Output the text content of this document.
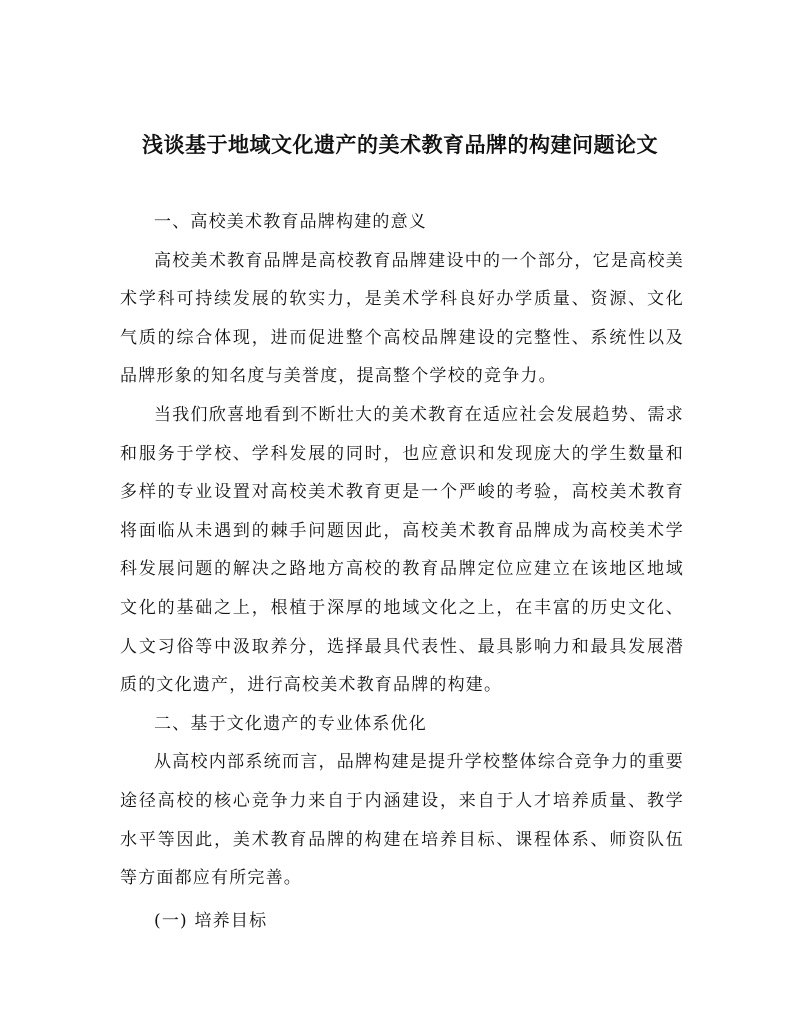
浅谈基于地域文化遗产的美术教育品牌的构建问题论文

一、高校美术教育品牌构建的意义

高校美术教育品牌是高校教育品牌建设中的一个部分，它是高校美术学科可持续发展的软实力，是美术学科良好办学质量、资源、文化气质的综合体现，进而促进整个高校品牌建设的完整性、系统性以及品牌形象的知名度与美誉度，提高整个学校的竞争力。

当我们欣喜地看到不断壮大的美术教育在适应社会发展趋势、需求和服务于学校、学科发展的同时，也应意识和发现庞大的学生数量和多样的专业设置对高校美术教育更是一个严峻的考验，高校美术教育将面临从未遇到的棘手问题因此，高校美术教育品牌成为高校美术学科发展问题的解决之路地方高校的教育品牌定位应建立在该地区地域文化的基础之上，根植于深厚的地域文化之上，在丰富的历史文化、人文习俗等中汲取养分，选择最具代表性、最具影响力和最具发展潜质的文化遗产，进行高校美术教育品牌的构建。

二、基于文化遗产的专业体系优化

从高校内部系统而言，品牌构建是提升学校整体综合竞争力的重要途径高校的核心竞争力来自于内涵建设，来自于人才培养质量、教学水平等因此，美术教育品牌的构建在培养目标、课程体系、师资队伍等方面都应有所完善。

(一) 培养目标
